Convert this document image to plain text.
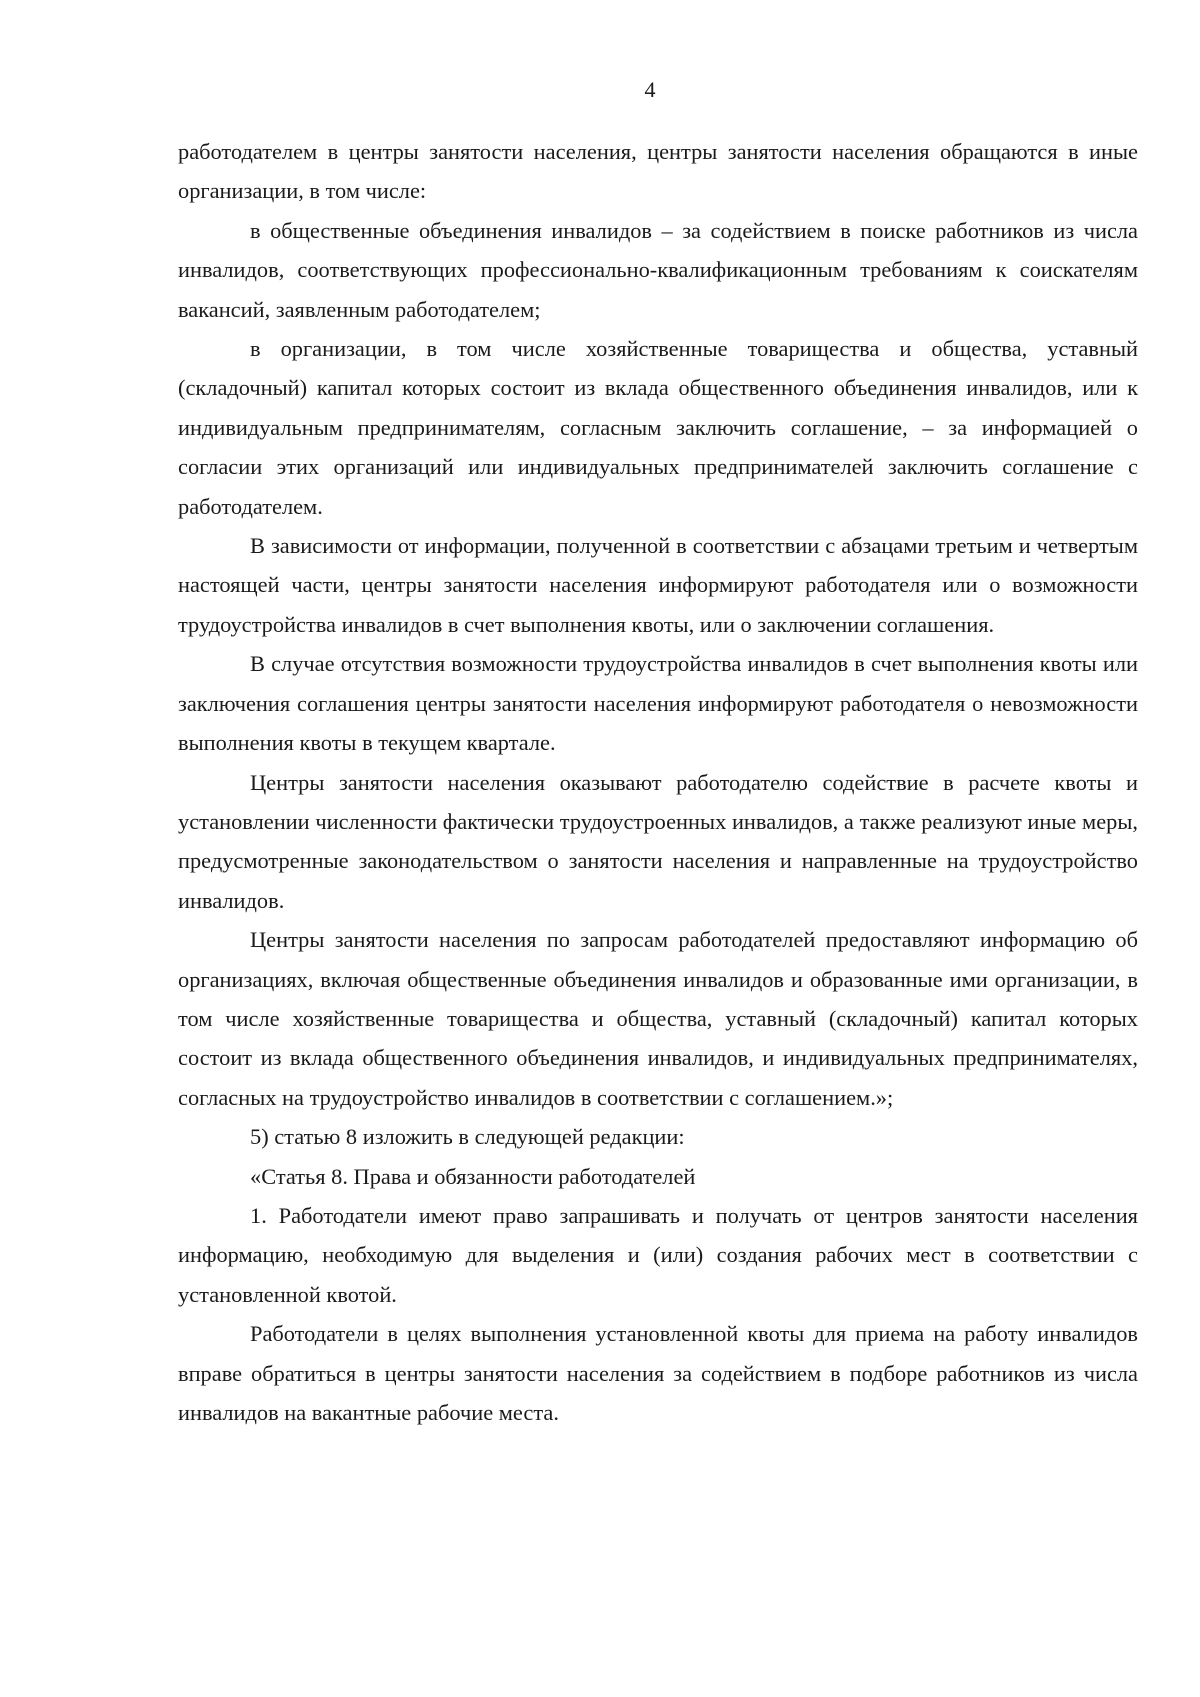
4

работодателем в центры занятости населения, центры занятости населения обращаются в иные организации, в том числе:

в общественные объединения инвалидов – за содействием в поиске работников из числа инвалидов, соответствующих профессионально-квалификационным требованиям к соискателям вакансий, заявленным работодателем;

в организации, в том числе хозяйственные товарищества и общества, уставный (складочный) капитал которых состоит из вклада общественного объединения инвалидов, или к индивидуальным предпринимателям, согласным заключить соглашение, – за информацией о согласии этих организаций или индивидуальных предпринимателей заключить соглашение с работодателем.

В зависимости от информации, полученной в соответствии с абзацами третьим и четвертым настоящей части, центры занятости населения информируют работодателя или о возможности трудоустройства инвалидов в счет выполнения квоты, или о заключении соглашения.

В случае отсутствия возможности трудоустройства инвалидов в счет выполнения квоты или заключения соглашения центры занятости населения информируют работодателя о невозможности выполнения квоты в текущем квартале.

Центры занятости населения оказывают работодателю содействие в расчете квоты и установлении численности фактически трудоустроенных инвалидов, а также реализуют иные меры, предусмотренные законодательством о занятости населения и направленные на трудоустройство инвалидов.

Центры занятости населения по запросам работодателей предоставляют информацию об организациях, включая общественные объединения инвалидов и образованные ими организации, в том числе хозяйственные товарищества и общества, уставный (складочный) капитал которых состоит из вклада общественного объединения инвалидов, и индивидуальных предпринимателях, согласных на трудоустройство инвалидов в соответствии с соглашением.»;

5) статью 8 изложить в следующей редакции:

«Статья 8. Права и обязанности работодателей

1. Работодатели имеют право запрашивать и получать от центров занятости населения информацию, необходимую для выделения и (или) создания рабочих мест в соответствии с установленной квотой.

Работодатели в целях выполнения установленной квоты для приема на работу инвалидов вправе обратиться в центры занятости населения за содействием в подборе работников из числа инвалидов на вакантные рабочие места.
